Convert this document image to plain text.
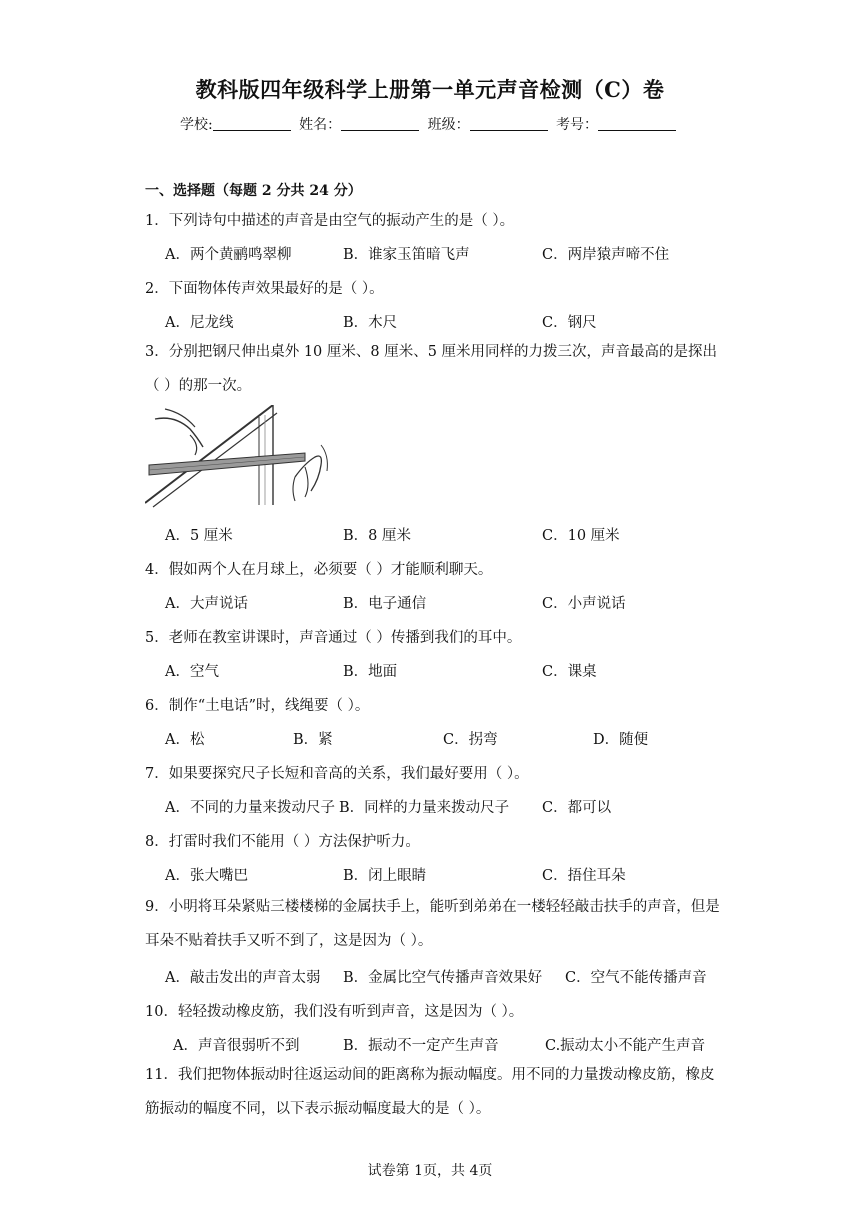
教科版四年级科学上册第一单元声音检测（C）卷
学校:	姓名：	班级：	考号：
一、选择题（每题 2 分共 24 分）
1．下列诗句中描述的声音是由空气的振动产生的是（ ）。
A．两个黄鹂鸣翠柳	B．谁家玉笛暗飞声	C．两岸猿声啼不住
2．下面物体传声效果最好的是（ ）。
A．尼龙线	B．木尺	C．钢尺
3．分别把钢尺伸出桌外 10 厘米、8 厘米、5 厘米用同样的力拨三次，声音最高的是探出（ ）的那一次。
A．5 厘米	B．8 厘米	C．10 厘米
4．假如两个人在月球上，必须要（ ）才能顺利聊天。
A．大声说话	B．电子通信	C．小声说话
5．老师在教室讲课时，声音通过（ ）传播到我们的耳中。
A．空气	B．地面	C．课桌
6．制作“土电话”时，线绳要（ ）。
A．松	B．紧	C．拐弯	D．随便
7．如果要探究尺子长短和音高的关系，我们最好要用（ ）。
A．不同的力量来拨动尺子 B．同样的力量来拨动尺子 C．都可以
8．打雷时我们不能用（ ）方法保护听力。
A．张大嘴巴	B．闭上眼睛	C．捂住耳朵
9．小明将耳朵紧贴三楼楼梯的金属扶手上，能听到弟弟在一楼轻轻敲击扶手的声音，但是耳朵不贴着扶手又听不到了，这是因为（ ）。
A．敲击发出的声音太弱 B．金属比空气传播声音效果好 C．空气不能传播声音
10．轻轻拨动橡皮筋，我们没有听到声音，这是因为（ ）。
A．声音很弱听不到	B．振动不一定产生声音	C.振动太小不能产生声音
11．我们把物体振动时往返运动间的距离称为振动幅度。用不同的力量拨动橡皮筋，橡皮筋振动的幅度不同，以下表示振动幅度最大的是（ ）。
试卷第 1页，共 4页
